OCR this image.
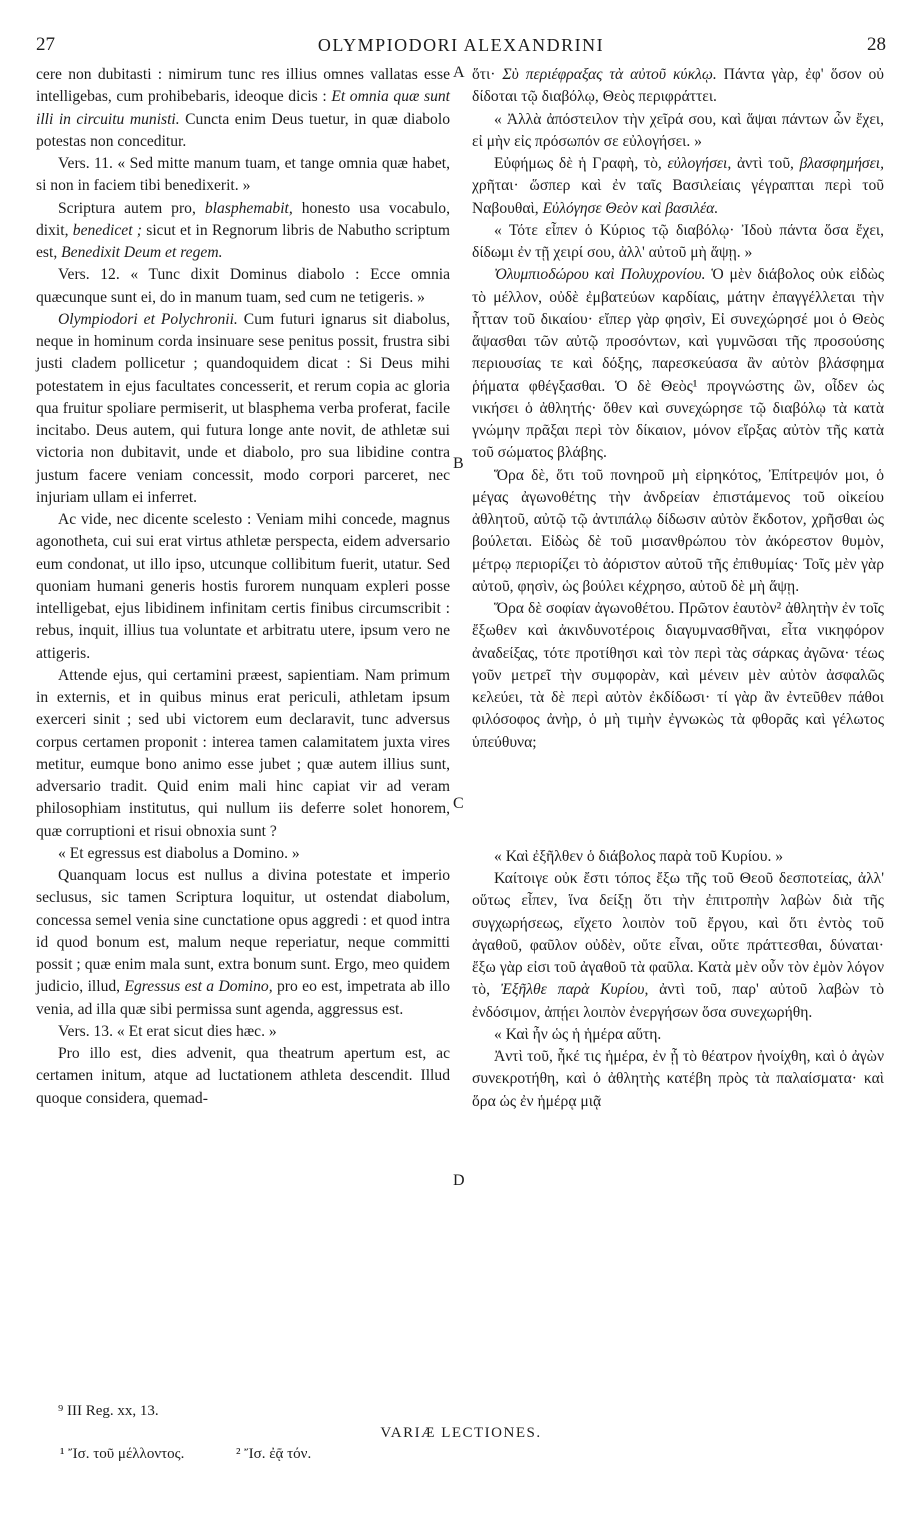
27	OLYMPIODORI ALEXANDRINI	28

cere non dubitasti : nimirum tunc res illius omnes vallatas esse intelligebas, cum prohibebaris, ideoque dicis : Et omnia quæ sunt illi in circuitu munisti. Cuncta enim Deus tuetur, in quæ diabolo potestas non conceditur.

Vers. 11. « Sed mitte manum tuam, et tange omnia quæ habet, si non in faciem tibi benedixerit. »

Scriptura autem pro, blasphemabit, honesto usa vocabulo, dixit, benedicet ; sicut et in Regnorum libris de Nabutho scriptum est, Benedixit Deum et regem.

Vers. 12. « Tunc dixit Dominus diabolo : Ecce omnia quæcunque sunt ei, do in manum tuam, sed cum ne tetigeris. »

Olympiodori et Polychronii. Cum futuri ignarus sit diabolus, neque in hominum corda insinuare sese penitus possit, frustra sibi justi cladem pollicetur ; quandoquidem dicat : Si Deus mihi potestatem in ejus facultates concesserit, et rerum copia ac gloria qua fruitur spoliare permiserit, ut blasphema verba proferat, facile incitabo. Deus autem, qui futura longe ante novit, de athletæ sui victoria non dubitavit, unde et diabolo, pro sua libidine contra justum facere veniam concessit, modo corpori parceret, nec injuriam ullam ei inferret.

Ac vide, nec dicente scelesto : Veniam mihi concede, magnus agonotheta, cui sui erat virtus athletæ perspecta, eidem adversario eum condonat, ut illo ipso, utcunque collibitum fuerit, utatur. Sed quoniam humani generis hostis furorem nunquam expleri posse intelligebat, ejus libidinem infinitam certis finibus circumscribit : rebus, inquit, illius tua voluntate et arbitratu utere, ipsum vero ne attigeris.

Attende ejus, qui certamini præest, sapientiam. Nam primum in externis, et in quibus minus erat periculi, athletam ipsum exerceri sinit ; sed ubi victorem eum declaravit, tunc adversus corpus certamen proponit : interea tamen calamitatem juxta vires metitur, eumque bono animo esse jubet ; quæ autem illius sunt, adversario tradit. Quid enim mali hinc capiat vir ad veram philosophiam institutus, qui nullum iis deferre solet honorem, quæ corruptioni et risui obnoxia sunt ?

« Et egressus est diabolus a Domino. »

Quanquam locus est nullus a divina potestate et imperio seclusus, sic tamen Scriptura loquitur, ut ostendat diabolum, concessa semel venia sine cunctatione opus aggredi : et quod intra id quod bonum est, malum neque reperiatur, neque committi possit ; quæ enim mala sunt, extra bonum sunt. Ergo, meo quidem judicio, illud, Egressus est a Domino, pro eo est, impetrata ab illo venia, ad illa quæ sibi permissa sunt agenda, aggressus est.

Vers. 13. « Et erat sicut dies hæc. »

Pro illo est, dies advenit, qua theatrum apertum est, ac certamen initum, atque ad luctationem athleta descendit. Illud quoque considera, quemad-

ὅτι· Σὺ περιέφραξας τὰ αὐτοῦ κύκλῳ. Πάντα γὰρ, ἐφ' ὅσον οὐ δίδοται τῷ διαβόλῳ, Θεὸς περιφράττει.

« Ἀλλὰ ἀπόστειλον τὴν χεῖρά σου, καὶ ἅψαι πάντων ὧν ἔχει, εἰ μὴν εἰς πρόσωπόν σε εὐλογήσει. »

Εὐφήμως δὲ ἡ Γραφὴ, τὸ, εὐλογήσει, ἀντὶ τοῦ, βλασφημήσει, χρῆται· ὥσπερ καὶ ἐν ταῖς Βασιλείαις γέγραπται περὶ τοῦ Ναβουθαὶ, Εὐλόγησε Θεὸν καὶ βασιλέα.

« Τότε εἶπεν ὁ Κύριος τῷ διαβόλῳ· Ἰδοὺ πάντα ὅσα ἔχει, δίδωμι ἐν τῇ χειρί σου, ἀλλ' αὐτοῦ μὴ ἅψῃ. »

Ὀλυμπιοδώρου καὶ Πολυχρονίου. Ὁ μὲν διάβολος οὐκ εἰδὼς τὸ μέλλον, οὐδὲ ἐμβατεύων καρδίαις, μάτην ἐπαγγέλλεται τὴν ἧτταν τοῦ δικαίου· εἴπερ γὰρ φησὶν, Εἰ συνεχώρησέ μοι ὁ Θεὸς ἅψασθαι τῶν αὐτῷ προσόντων, καὶ γυμνῶσαι τῆς προσούσης περιουσίας τε καὶ δόξης, παρεσκεύασα ἂν αὐτὸν βλάσφημα ῥήματα φθέγξασθαι. Ὁ δὲ Θεὸς¹ προγνώστης ὢν, οἶδεν ὡς νικήσει ὁ ἀθλητής· ὅθεν καὶ συνεχώρησε τῷ διαβόλῳ τὰ κατὰ γνώμην πρᾶξαι περὶ τὸν δίκαιον, μόνον εἴρξας αὐτὸν τῆς κατὰ τοῦ σώματος βλάβης.

Ὅρα δὲ, ὅτι τοῦ πονηροῦ μὴ εἰρηκότος, Ἐπίτρεψόν μοι, ὁ μέγας ἀγωνοθέτης τὴν ἀνδρείαν ἐπιστάμενος τοῦ οἰκείου ἀθλητοῦ, αὐτῷ τῷ ἀντιπάλῳ δίδωσιν αὐτὸν ἔκδοτον, χρῆσθαι ὡς βούλεται. Εἰδὼς δὲ τοῦ μισανθρώπου τὸν ἀκόρεστον θυμὸν, μέτρῳ περιορίζει τὸ ἀόριστον αὐτοῦ τῆς ἐπιθυμίας· Τοῖς μὲν γὰρ αὐτοῦ, φησὶν, ὡς βούλει κέχρησο, αὐτοῦ δὲ μὴ ἅψῃ.

Ὅρα δὲ σοφίαν ἀγωνοθέτου. Πρῶτον ἑαυτὸν² ἀθλητὴν ἐν τοῖς ἔξωθεν καὶ ἀκινδυνοτέροις διαγυμνασθῆναι, εἶτα νικηφόρον ἀναδείξας, τότε προτίθησι καὶ τὸν περὶ τὰς σάρκας ἀγῶνα· τέως γοῦν μετρεῖ τὴν συμφορὰν, καὶ μένειν μὲν αὐτὸν ἀσφαλῶς κελεύει, τὰ δὲ περὶ αὐτὸν ἐκδίδωσι· τί γὰρ ἂν ἐντεῦθεν πάθοι φιλόσοφος ἀνὴρ, ὁ μὴ τιμὴν ἐγνωκὼς τὰ φθορᾶς καὶ γέλωτος ὑπεύθυνα;

« Καὶ ἐξῆλθεν ὁ διάβολος παρὰ τοῦ Κυρίου. »

Καίτοιγε οὐκ ἔστι τόπος ἔξω τῆς τοῦ Θεοῦ δεσποτείας, ἀλλ' οὕτως εἶπεν, ἵνα δείξῃ ὅτι τὴν ἐπιτροπὴν λαβὼν διὰ τῆς συγχωρήσεως, εἴχετο λοιπὸν τοῦ ἔργου, καὶ ὅτι ἐντὸς τοῦ ἀγαθοῦ, φαῦλον οὐδὲν, οὔτε εἶναι, οὔτε πράττεσθαι, δύναται· ἔξω γὰρ εἰσι τοῦ ἀγαθοῦ τὰ φαῦλα. Κατὰ μὲν οὖν τὸν ἐμὸν λόγον τὸ, Ἐξῆλθε παρὰ Κυρίου, ἀντὶ τοῦ, παρ' αὐτοῦ λαβὼν τὸ ἐνδόσιμον, ἀπῄει λοιπὸν ἐνεργήσων ὅσα συνεχωρήθη.

« Καὶ ἦν ὡς ἡ ἡμέρα αὕτη.

Ἀντὶ τοῦ, ἧκέ τις ἡμέρα, ἐν ᾗ τὸ θέατρον ἠνοίχθη, καὶ ὁ ἀγὼν συνεκροτήθη, καὶ ὁ ἀθλητὴς κατέβη πρὸς τὰ παλαίσματα· καὶ ὅρα ὡς ἐν ἡμέρᾳ μιᾷ

A
B
C
D
⁹ III Reg. xx, 13.
VARIÆ LECTIONES.
¹ Ἴσ. τοῦ μέλλοντος.	² Ἴσ. ἐᾷ τόν.
